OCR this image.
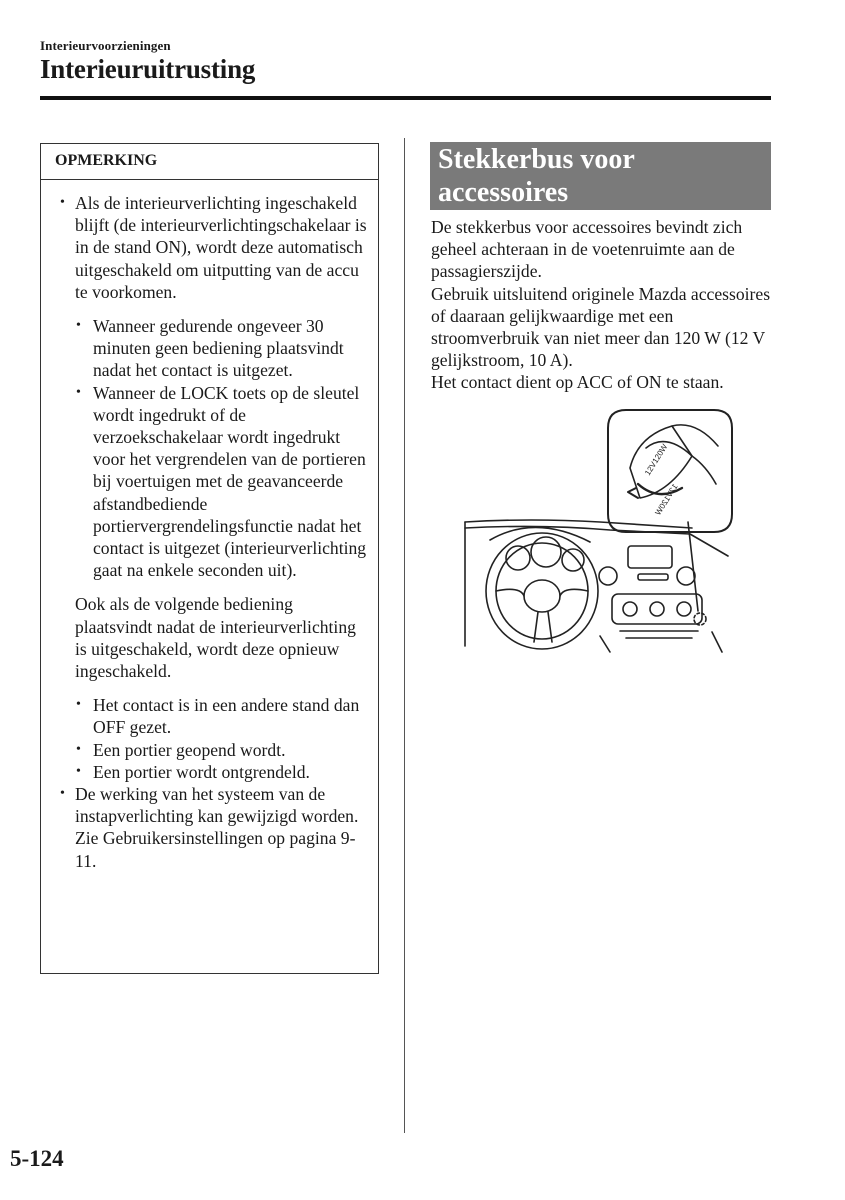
Interieurvoorzieningen
Interieuruitrusting
OPMERKING
• Als de interieurverlichting ingeschakeld blijft (de interieurverlichtingschakelaar is in de stand ON), wordt deze automatisch uitgeschakeld om uitputting van de accu te voorkomen.
• Wanneer gedurende ongeveer 30 minuten geen bediening plaatsvindt nadat het contact is uitgezet.
• Wanneer de LOCK toets op de sleutel wordt ingedrukt of de verzoekschakelaar wordt ingedrukt voor het vergrendelen van de portieren bij voertuigen met de geavanceerde afstandbediende portiervergrendelingsfunctie nadat het contact is uitgezet (interieurverlichting gaat na enkele seconden uit).
Ook als de volgende bediening plaatsvindt nadat de interieurverlichting is uitgeschakeld, wordt deze opnieuw ingeschakeld.
• Het contact is in een andere stand dan OFF gezet.
• Een portier geopend wordt.
• Een portier wordt ontgrendeld.
• De werking van het systeem van de instapverlichting kan gewijzigd worden.
Zie Gebruikersinstellingen op pagina 9-11.
Stekkerbus voor
accessoires
De stekkerbus voor accessoires bevindt zich geheel achteraan in de voetenruimte aan de passagierszijde.
Gebruik uitsluitend originele Mazda accessoires of daaraan gelijkwaardige met een stroomverbruik van niet meer dan 120 W (12 V gelijkstroom, 10 A).
Het contact dient op ACC of ON te staan.
12V120W
12V120W
5-124
